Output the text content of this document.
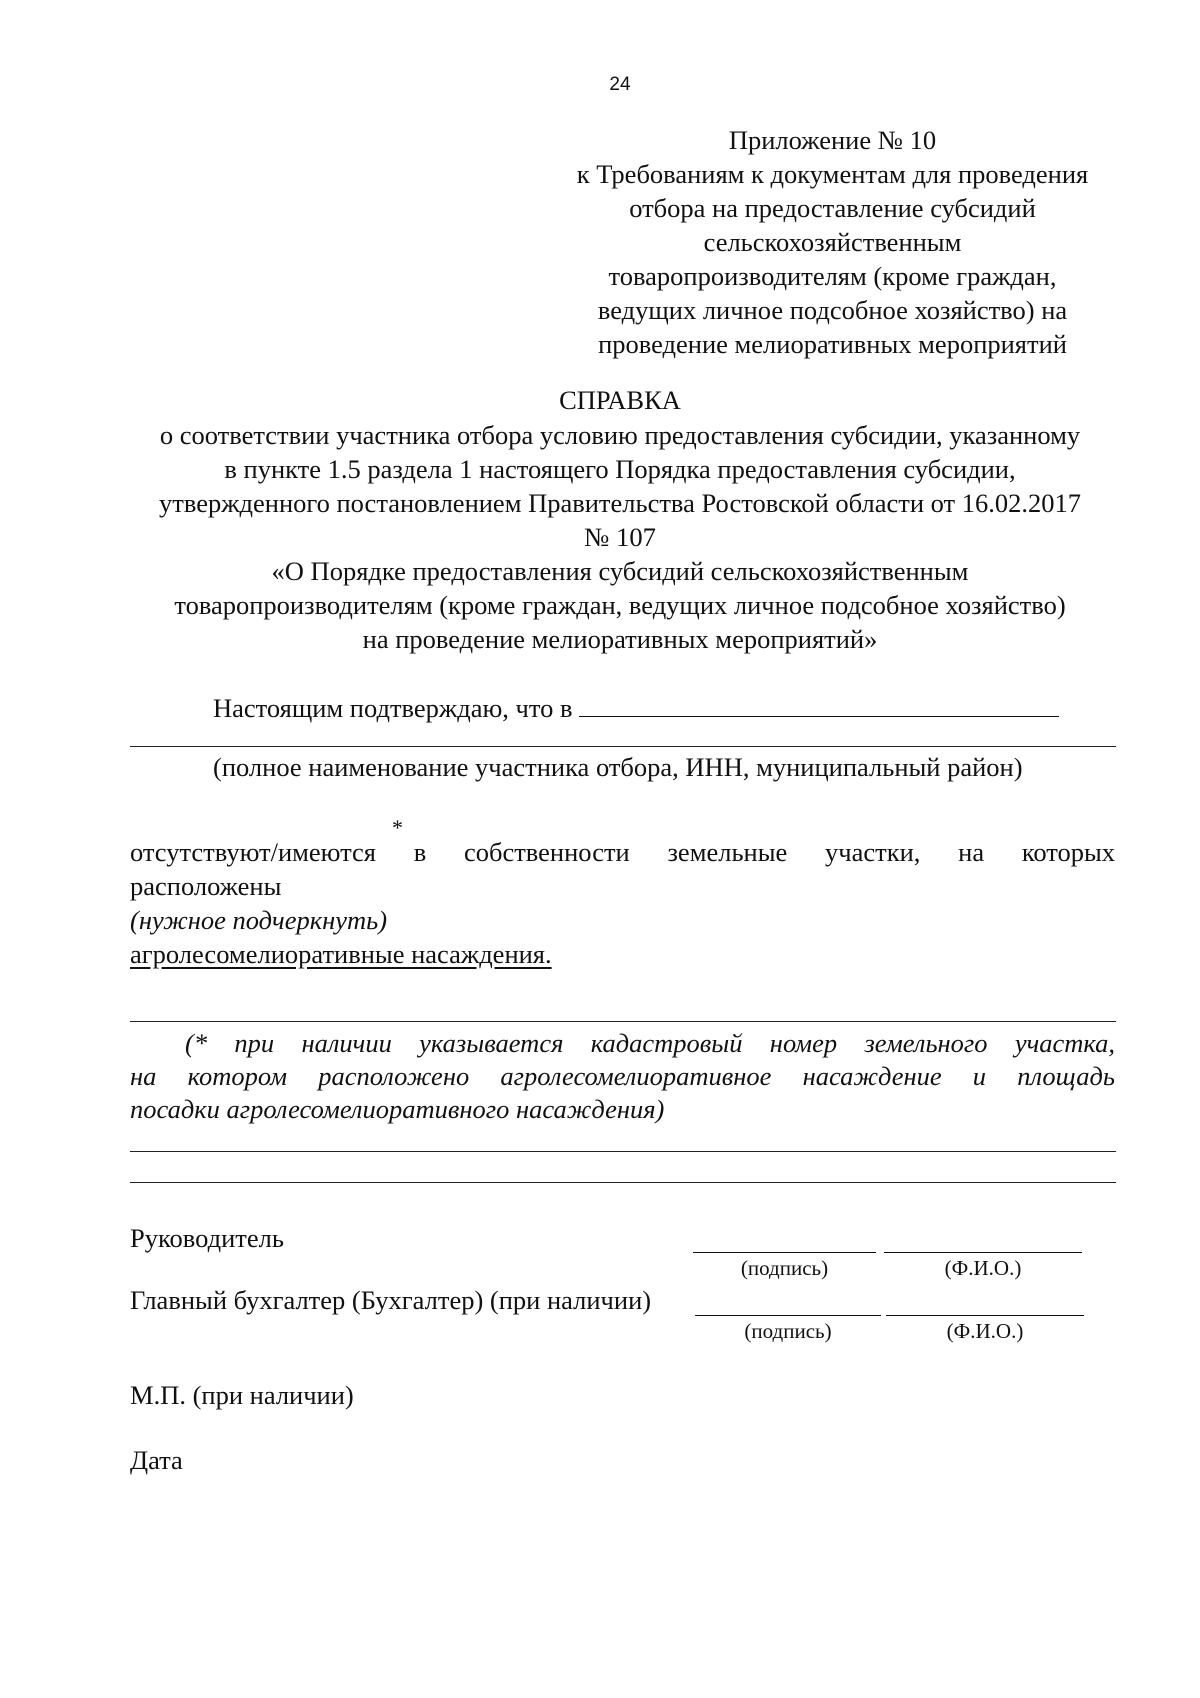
24
Приложение № 10
к Требованиям к документам для проведения
отбора на предоставление субсидий
сельскохозяйственным
товаропроизводителям (кроме граждан,
ведущих личное подсобное хозяйство) на
проведение мелиоративных мероприятий
СПРАВКА
о соответствии участника отбора условию предоставления субсидии, указанному
в пункте 1.5 раздела 1 настоящего Порядка предоставления субсидии,
утвержденного постановлением Правительства Ростовской области от 16.02.2017
№ 107
«О Порядке предоставления субсидий сельскохозяйственным
товаропроизводителям (кроме граждан, ведущих личное подсобное хозяйство)
на проведение мелиоративных мероприятий»
Настоящим подтверждаю, что в
(полное наименование участника отбора, ИНН, муниципальный район)
*
отсутствуют/имеются в собственности земельные участки, на которых
расположены
(нужное подчеркнуть)
агролесомелиоративные насаждения.
(* при наличии указывается кадастровый номер земельного участка,
на котором расположено агролесомелиоративное насаждение и площадь
посадки агролесомелиоративного насаждения)
Руководитель
(подпись)	(Ф.И.О.)
Главный бухгалтер (Бухгалтер) (при наличии)
(подпись)	(Ф.И.О.)
М.П. (при наличии)
Дата
